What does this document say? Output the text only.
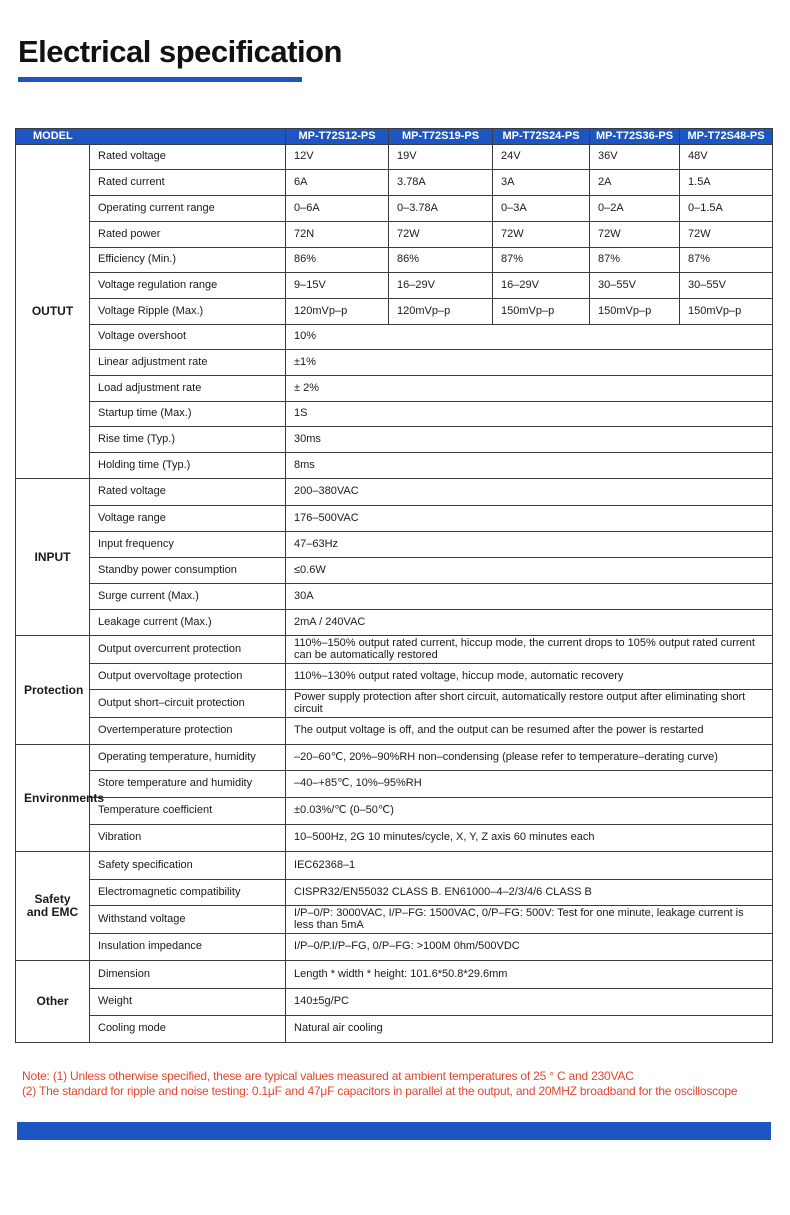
Electrical specification
MODEL		MP-T72S12-PS	MP-T72S19-PS	MP-T72S24-PS	MP-T72S36-PS	MP-T72S48-PS
OUTUT	Rated voltage	12V	19V	24V	36V	48V
	Rated current	6A	3.78A	3A	2A	1.5A
	Operating current range	0–6A	0–3.78A	0–3A	0–2A	0–1.5A
	Rated power	72N	72W	72W	72W	72W
	Efficiency (Min.)	86%	86%	87%	87%	87%
	Voltage regulation range	9–15V	16–29V	16–29V	30–55V	30–55V
	Voltage Ripple (Max.)	120mVp–p	120mVp–p	150mVp–p	150mVp–p	150mVp–p
	Voltage overshoot	10%				
	Linear adjustment rate	±1%				
	Load adjustment rate	± 2%				
	Startup time (Max.)	1S				
	Rise time (Typ.)	30ms				
	Holding time (Typ.)	8ms				
INPUT	Rated voltage	200–380VAC				
	Voltage range	176–500VAC				
	Input frequency	47–63Hz				
	Standby power consumption	≤0.6W				
	Surge current (Max.)	30A				
	Leakage current (Max.)	2mA / 240VAC				
Protection	Output overcurrent protection	110%–150% output rated current, hiccup mode, the current drops to 105% output rated current can be automatically restored				
	Output overvoltage protection	110%–130% output rated voltage, hiccup mode, automatic recovery				
	Output short–circuit protection	Power supply protection after short circuit, automatically restore output after eliminating short circuit				
	Overtemperature protection	The output voltage is off, and the output can be resumed after the power is restarted				
Environments	Operating temperature, humidity	–20–60℃, 20%–90%RH non–condensing (please refer to temperature–derating curve)				
	Store temperature and humidity	–40–+85℃, 10%–95%RH				
	Temperature coefficient	±0.03%/℃ (0–50℃)				
	Vibration	10–500Hz, 2G 10 minutes/cycle, X, Y, Z axis 60 minutes each				
Safety and EMC	Safety specification	IEC62368–1				
	Electromagnetic compatibility	CISPR32/EN55032 CLASS B. EN61000–4–2/3/4/6 CLASS B				
	Withstand voltage	I/P–0/P: 3000VAC, I/P–FG: 1500VAC, 0/P–FG: 500V: Test for one minute, leakage current is less than 5mA				
	Insulation impedance	I/P–0/P.I/P–FG, 0/P–FG: >100M 0hm/500VDC				
Other	Dimension	Length * width * height: 101.6*50.8*29.6mm				
	Weight	140±5g/PC				
	Cooling mode	Natural air cooling				
Note: (1) Unless otherwise specified, these are typical values measured at ambient temperatures of 25 ° C and 230VAC
(2) The standard for ripple and noise testing: 0.1μF and 47μF capacitors in parallel at the output, and 20MHZ broadband for the oscilloscope
